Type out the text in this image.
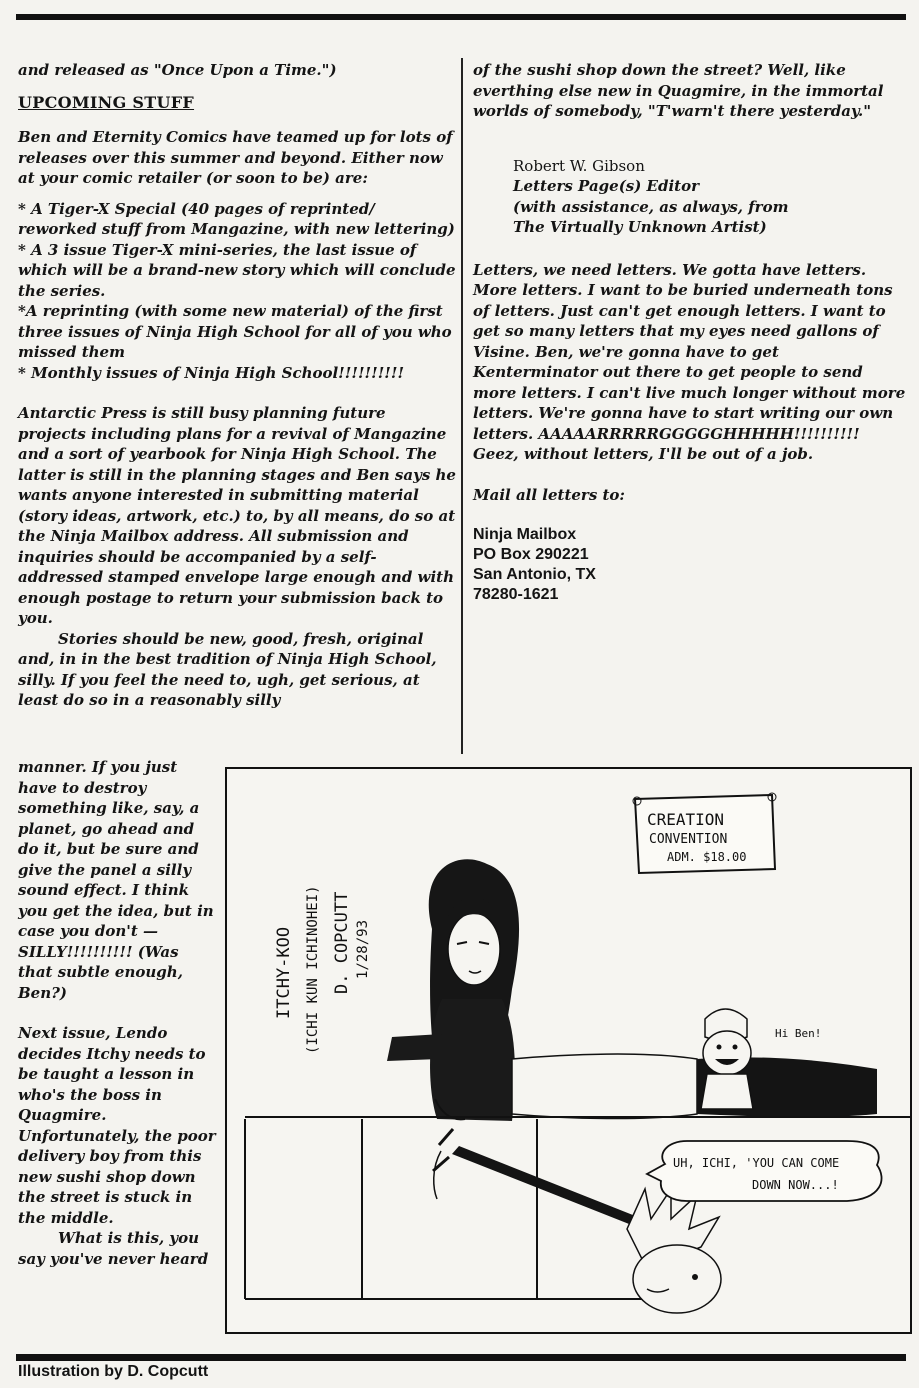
and released as "Once Upon a Time.")

UPCOMING STUFF

Ben and Eternity Comics have teamed up for lots of releases over this summer and beyond. Either now at your comic retailer (or soon to be) are:

* A Tiger-X Special (40 pages of reprinted/ reworked stuff from Mangazine, with new lettering)

* A 3 issue Tiger-X mini-series, the last issue of which will be a brand-new story which will conclude the series.

*A reprinting (with some new material) of the first three issues of Ninja High School for all of you who missed them

* Monthly issues of Ninja High School!!!!!!!!!!

Antarctic Press is still busy planning future projects including plans for a revival of Mangazine and a sort of yearbook for Ninja High School. The latter is still in the planning stages and Ben says he wants anyone interested in submitting material (story ideas, artwork, etc.) to, by all means, do so at the Ninja Mailbox address. All submission and inquiries should be accompanied by a self-addressed stamped envelope large enough and with enough postage to return your submission back to you.

Stories should be new, good, fresh, original and, in in the best tradition of Ninja High School, silly. If you feel the need to, ugh, get serious, at least do so in a reasonably silly

manner. If you just have to destroy something like, say, a planet, go ahead and do it, but be sure and give the panel a silly sound effect. I think you get the idea, but in case you don't —SILLY!!!!!!!!!! (Was that subtle enough, Ben?)

Next issue, Lendo decides Itchy needs to be taught a lesson in who's the boss in Quagmire. Unfortunately, the poor delivery boy from this new sushi shop down the street is stuck in the middle.

What is this, you say you've never heard

of the sushi shop down the street? Well, like everthing else new in Quagmire, in the immortal worlds of somebody, "T'warn't there yesterday."

Robert W. Gibson
Letters Page(s) Editor
(with assistance, as always, from
The Virtually Unknown Artist)

Letters, we need letters. We gotta have letters. More letters. I want to be buried underneath tons of letters. Just can't get enough letters. I want to get so many letters that my eyes need gallons of Visine. Ben, we're gonna have to get Kenterminator out there to get people to send more letters. I can't live much longer without more letters. We're gonna have to start writing our own letters. AAAAARRRRRGGGGGHHHHH!!!!!!!!!! Geez, without letters, I'll be out of a job.

Mail all letters to:

Ninja Mailbox
PO Box 290221
San Antonio, TX
78280-1621
ITCHY-KOO (ICHI KUN ICHINOHEI) D. COPCUTT 1/28/93
CREATION
CONVENTION
ADM. $18.00
Hi Ben!
UH, ICHI, 'YOU CAN COME
DOWN NOW...!
Illustration by D. Copcutt
